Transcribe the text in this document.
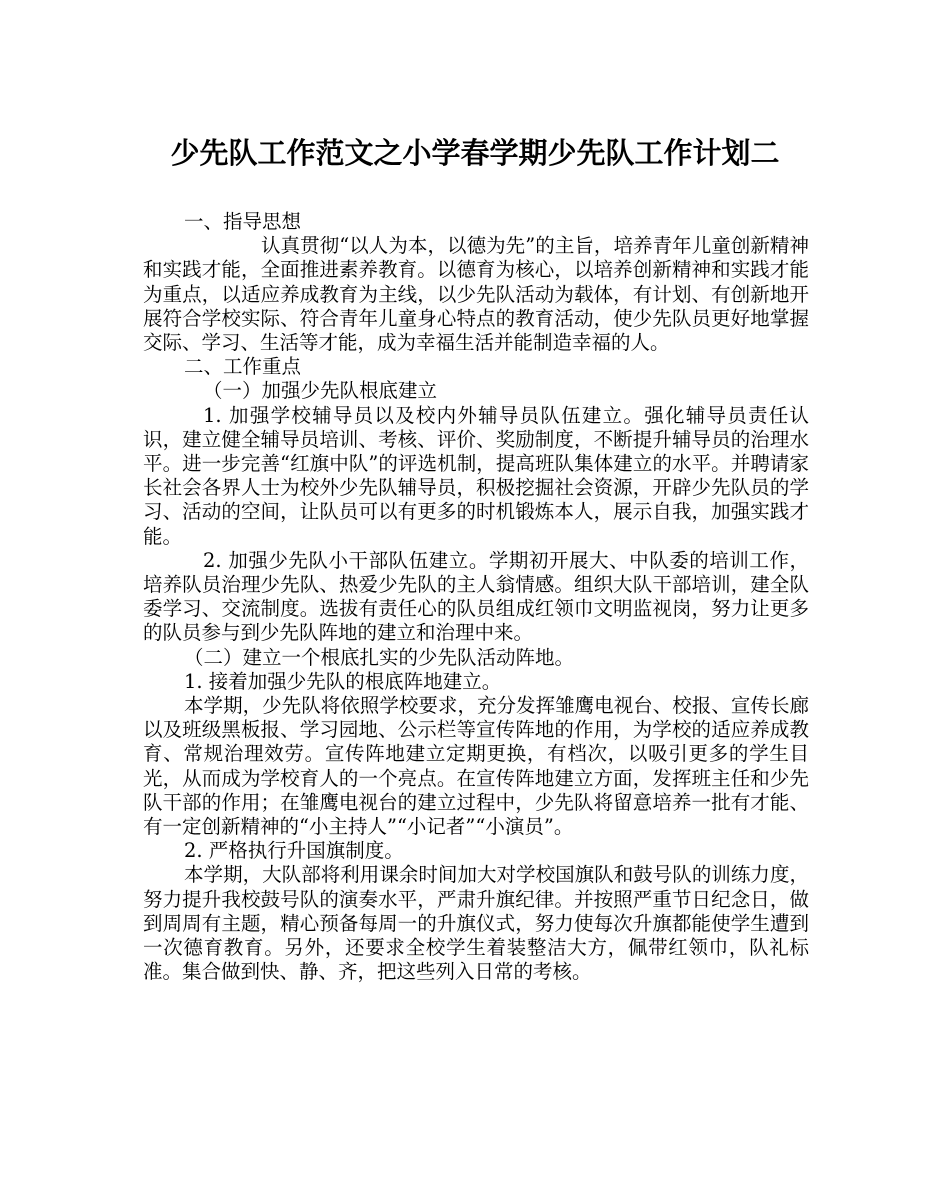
少先队工作范文之小学春学期少先队工作计划二

一、指导思想

认真贯彻“以人为本，以德为先”的主旨，培养青年儿童创新精神和实践才能，全面推进素养教育。以德育为核心，以培养创新精神和实践才能为重点，以适应养成教育为主线，以少先队活动为载体，有计划、有创新地开展符合学校实际、符合青年儿童身心特点的教育活动，使少先队员更好地掌握交际、学习、生活等才能，成为幸福生活并能制造幸福的人。

二、工作重点

（一）加强少先队根底建立

1. 加强学校辅导员以及校内外辅导员队伍建立。强化辅导员责任认识，建立健全辅导员培训、考核、评价、奖励制度，不断提升辅导员的治理水平。进一步完善“红旗中队”的评选机制，提高班队集体建立的水平。并聘请家长社会各界人士为校外少先队辅导员，积极挖掘社会资源，开辟少先队员的学习、活动的空间，让队员可以有更多的时机锻炼本人，展示自我，加强实践才能。

2. 加强少先队小干部队伍建立。学期初开展大、中队委的培训工作，培养队员治理少先队、热爱少先队的主人翁情感。组织大队干部培训，建全队委学习、交流制度。选拔有责任心的队员组成红领巾文明监视岗，努力让更多的队员参与到少先队阵地的建立和治理中来。

（二）建立一个根底扎实的少先队活动阵地。

1. 接着加强少先队的根底阵地建立。

本学期，少先队将依照学校要求，充分发挥雏鹰电视台、校报、宣传长廊以及班级黑板报、学习园地、公示栏等宣传阵地的作用，为学校的适应养成教育、常规治理效劳。宣传阵地建立定期更换，有档次，以吸引更多的学生目光，从而成为学校育人的一个亮点。在宣传阵地建立方面，发挥班主任和少先队干部的作用；在雏鹰电视台的建立过程中，少先队将留意培养一批有才能、有一定创新精神的“小主持人”“小记者”“小演员”。

2. 严格执行升国旗制度。

本学期，大队部将利用课余时间加大对学校国旗队和鼓号队的训练力度，努力提升我校鼓号队的演奏水平，严肃升旗纪律。并按照严重节日纪念日，做到周周有主题，精心预备每周一的升旗仪式，努力使每次升旗都能使学生遭到一次德育教育。另外，还要求全校学生着装整洁大方，佩带红领巾，队礼标准。集合做到快、静、齐，把这些列入日常的考核。
